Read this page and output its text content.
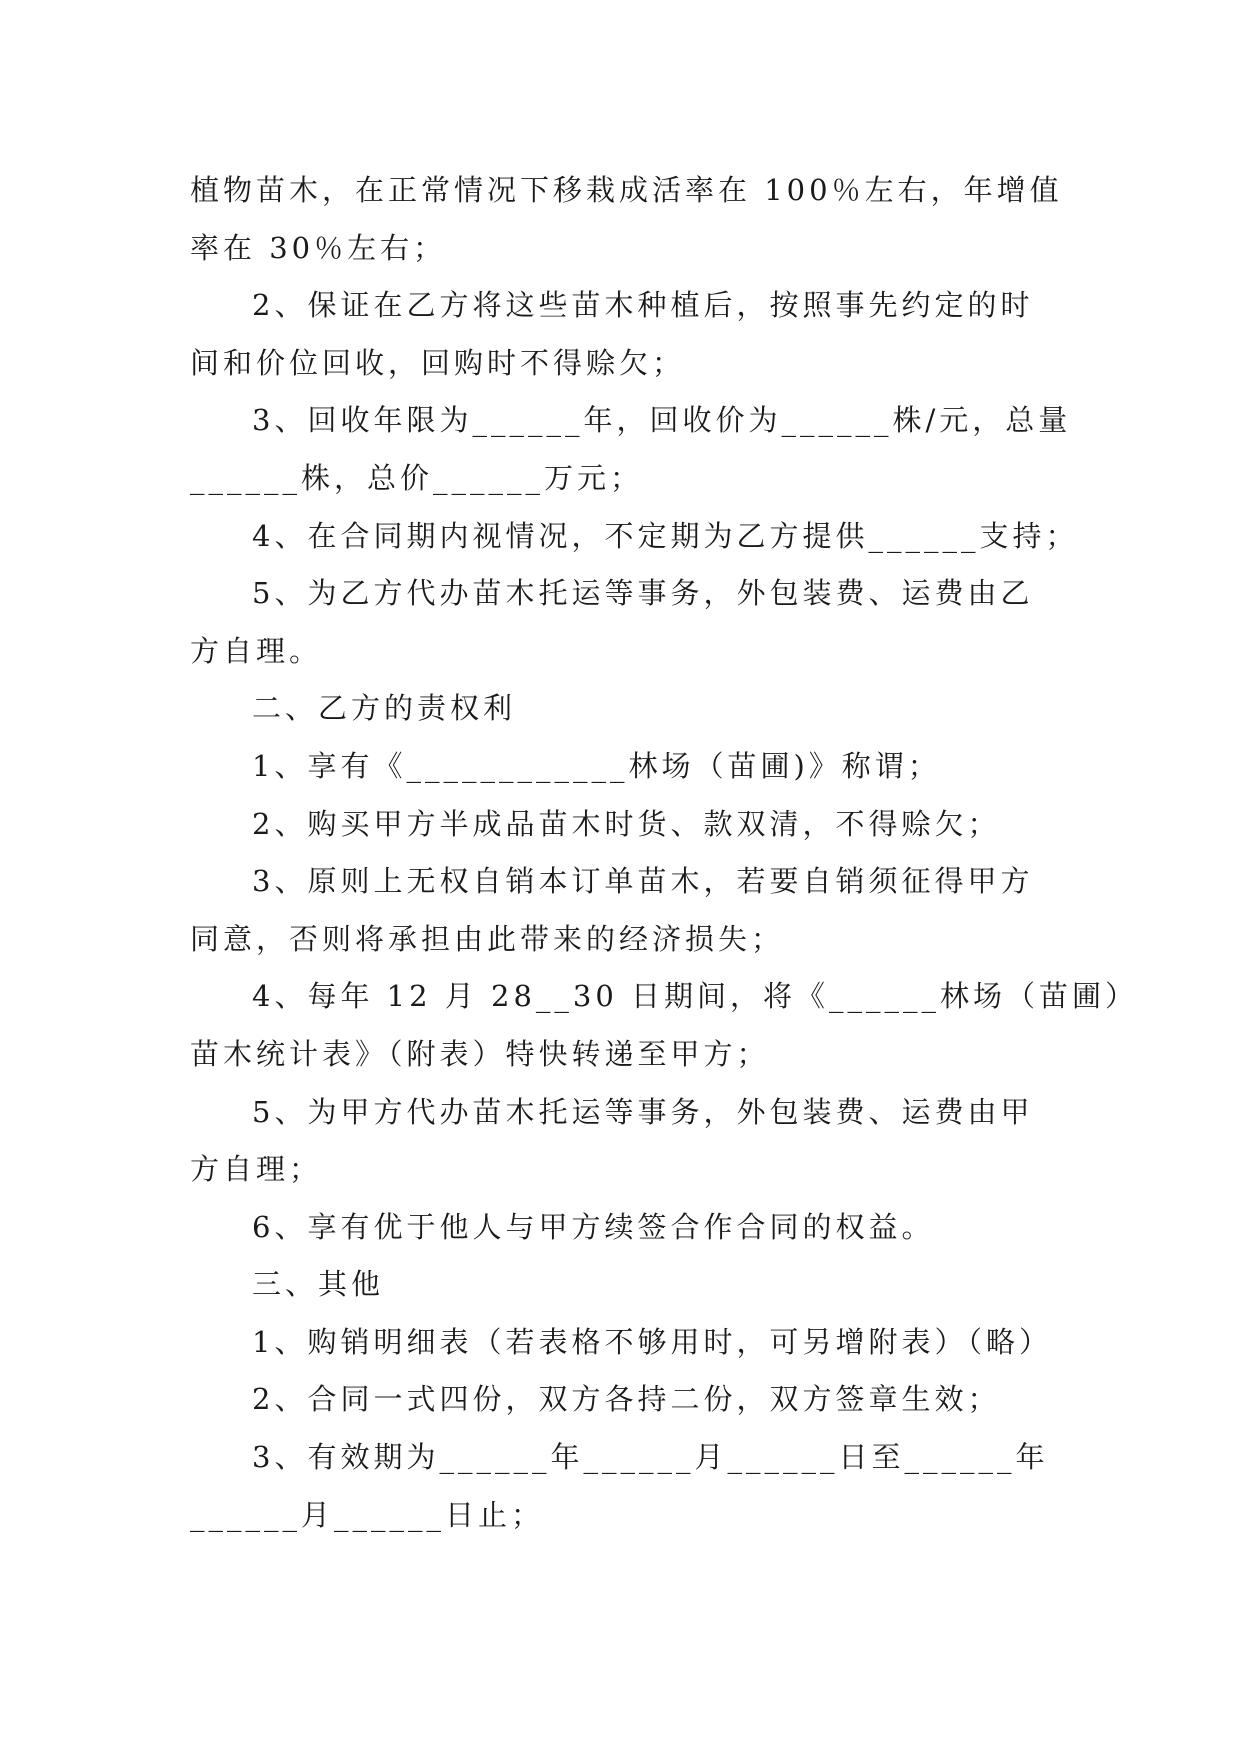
植物苗木，在正常情况下移栽成活率在 100％左右，年增值
率在 30％左右；
2、保证在乙方将这些苗木种植后，按照事先约定的时
间和价位回收，回购时不得赊欠；
3、回收年限为______年，回收价为______株/元，总量
______株，总价______万元；
4、在合同期内视情况，不定期为乙方提供______支持；
5、为乙方代办苗木托运等事务，外包装费、运费由乙
方自理。
二、乙方的责权利
1、享有《____________林场（苗圃)》称谓；
2、购买甲方半成品苗木时货、款双清，不得赊欠；
3、原则上无权自销本订单苗木，若要自销须征得甲方
同意，否则将承担由此带来的经济损失；
4、每年 12 月 28__30 日期间，将《______林场（苗圃）
苗木统计表》（附表）特快转递至甲方；
5、为甲方代办苗木托运等事务，外包装费、运费由甲
方自理；
6、享有优于他人与甲方续签合作合同的权益。
三、其他
1、购销明细表（若表格不够用时，可另增附表）（略）
2、合同一式四份，双方各持二份，双方签章生效；
3、有效期为______年______月______日至______年
______月______日止；
